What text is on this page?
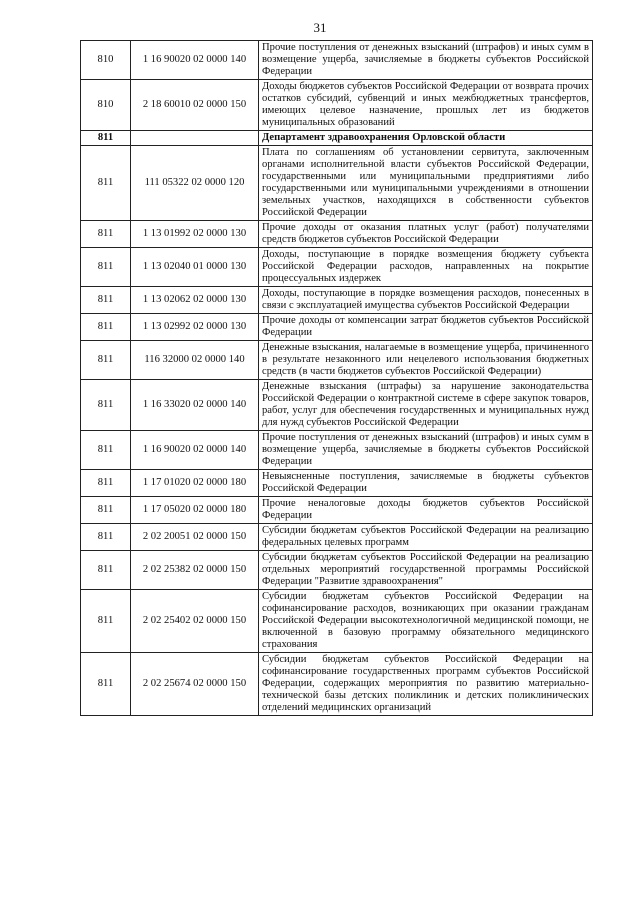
31
810	1 16 90020 02 0000 140	Прочие поступления от денежных взысканий (штрафов) и иных сумм в возмещение ущерба, зачисляемые в бюджеты субъектов Российской Федерации
810	2 18 60010 02 0000 150	Доходы бюджетов субъектов Российской Федерации от возврата прочих остатков субсидий, субвенций и иных межбюджетных трансфертов, имеющих целевое назначение, прошлых лет из бюджетов муниципальных образований
811		Департамент здравоохранения Орловской области
811	111 05322 02 0000 120	Плата по соглашениям об установлении сервитута, заключенным органами исполнительной власти субъектов Российской Федерации, государственными или муниципальными предприятиями либо государственными или муниципальными учреждениями в отношении земельных участков, находящихся в собственности субъектов Российской Федерации
811	1 13 01992 02 0000 130	Прочие доходы от оказания платных услуг (работ) получателями средств бюджетов субъектов Российской Федерации
811	1 13 02040 01 0000 130	Доходы, поступающие в порядке возмещения бюджету субъекта Российской Федерации расходов, направленных на покрытие процессуальных издержек
811	1 13 02062 02 0000 130	Доходы, поступающие в порядке возмещения расходов, понесенных в связи с эксплуатацией имущества субъектов Российской Федерации
811	1 13 02992 02 0000 130	Прочие доходы от компенсации затрат бюджетов субъектов Российской Федерации
811	116 32000 02 0000 140	Денежные взыскания, налагаемые в возмещение ущерба, причиненного в результате незаконного или нецелевого использования бюджетных средств (в части бюджетов субъектов Российской Федерации)
811	1 16 33020 02 0000 140	Денежные взыскания (штрафы) за нарушение законодательства Российской Федерации о контрактной системе в сфере закупок товаров, работ, услуг для обеспечения государственных и муниципальных нужд для нужд субъектов Российской Федерации
811	1 16 90020 02 0000 140	Прочие поступления от денежных взысканий (штрафов) и иных сумм в возмещение ущерба, зачисляемые в бюджеты субъектов Российской Федерации
811	1 17 01020 02 0000 180	Невыясненные поступления, зачисляемые в бюджеты субъектов Российской Федерации
811	1 17 05020 02 0000 180	Прочие неналоговые доходы бюджетов субъектов Российской Федерации
811	2 02 20051 02 0000 150	Субсидии бюджетам субъектов Российской Федерации на реализацию федеральных целевых программ
811	2 02 25382 02 0000 150	Субсидии бюджетам субъектов Российской Федерации на реализацию отдельных мероприятий государственной программы Российской Федерации "Развитие здравоохранения"
811	2 02 25402 02 0000 150	Субсидии бюджетам субъектов Российской Федерации на софинансирование расходов, возникающих при оказании гражданам Российской Федерации высокотехнологичной медицинской помощи, не включенной в базовую программу обязательного медицинского страхования
811	2 02 25674 02 0000 150	Субсидии бюджетам субъектов Российской Федерации на софинансирование государственных программ субъектов Российской Федерации, содержащих мероприятия по развитию материально-технической базы детских поликлиник и детских поликлинических отделений медицинских организаций
